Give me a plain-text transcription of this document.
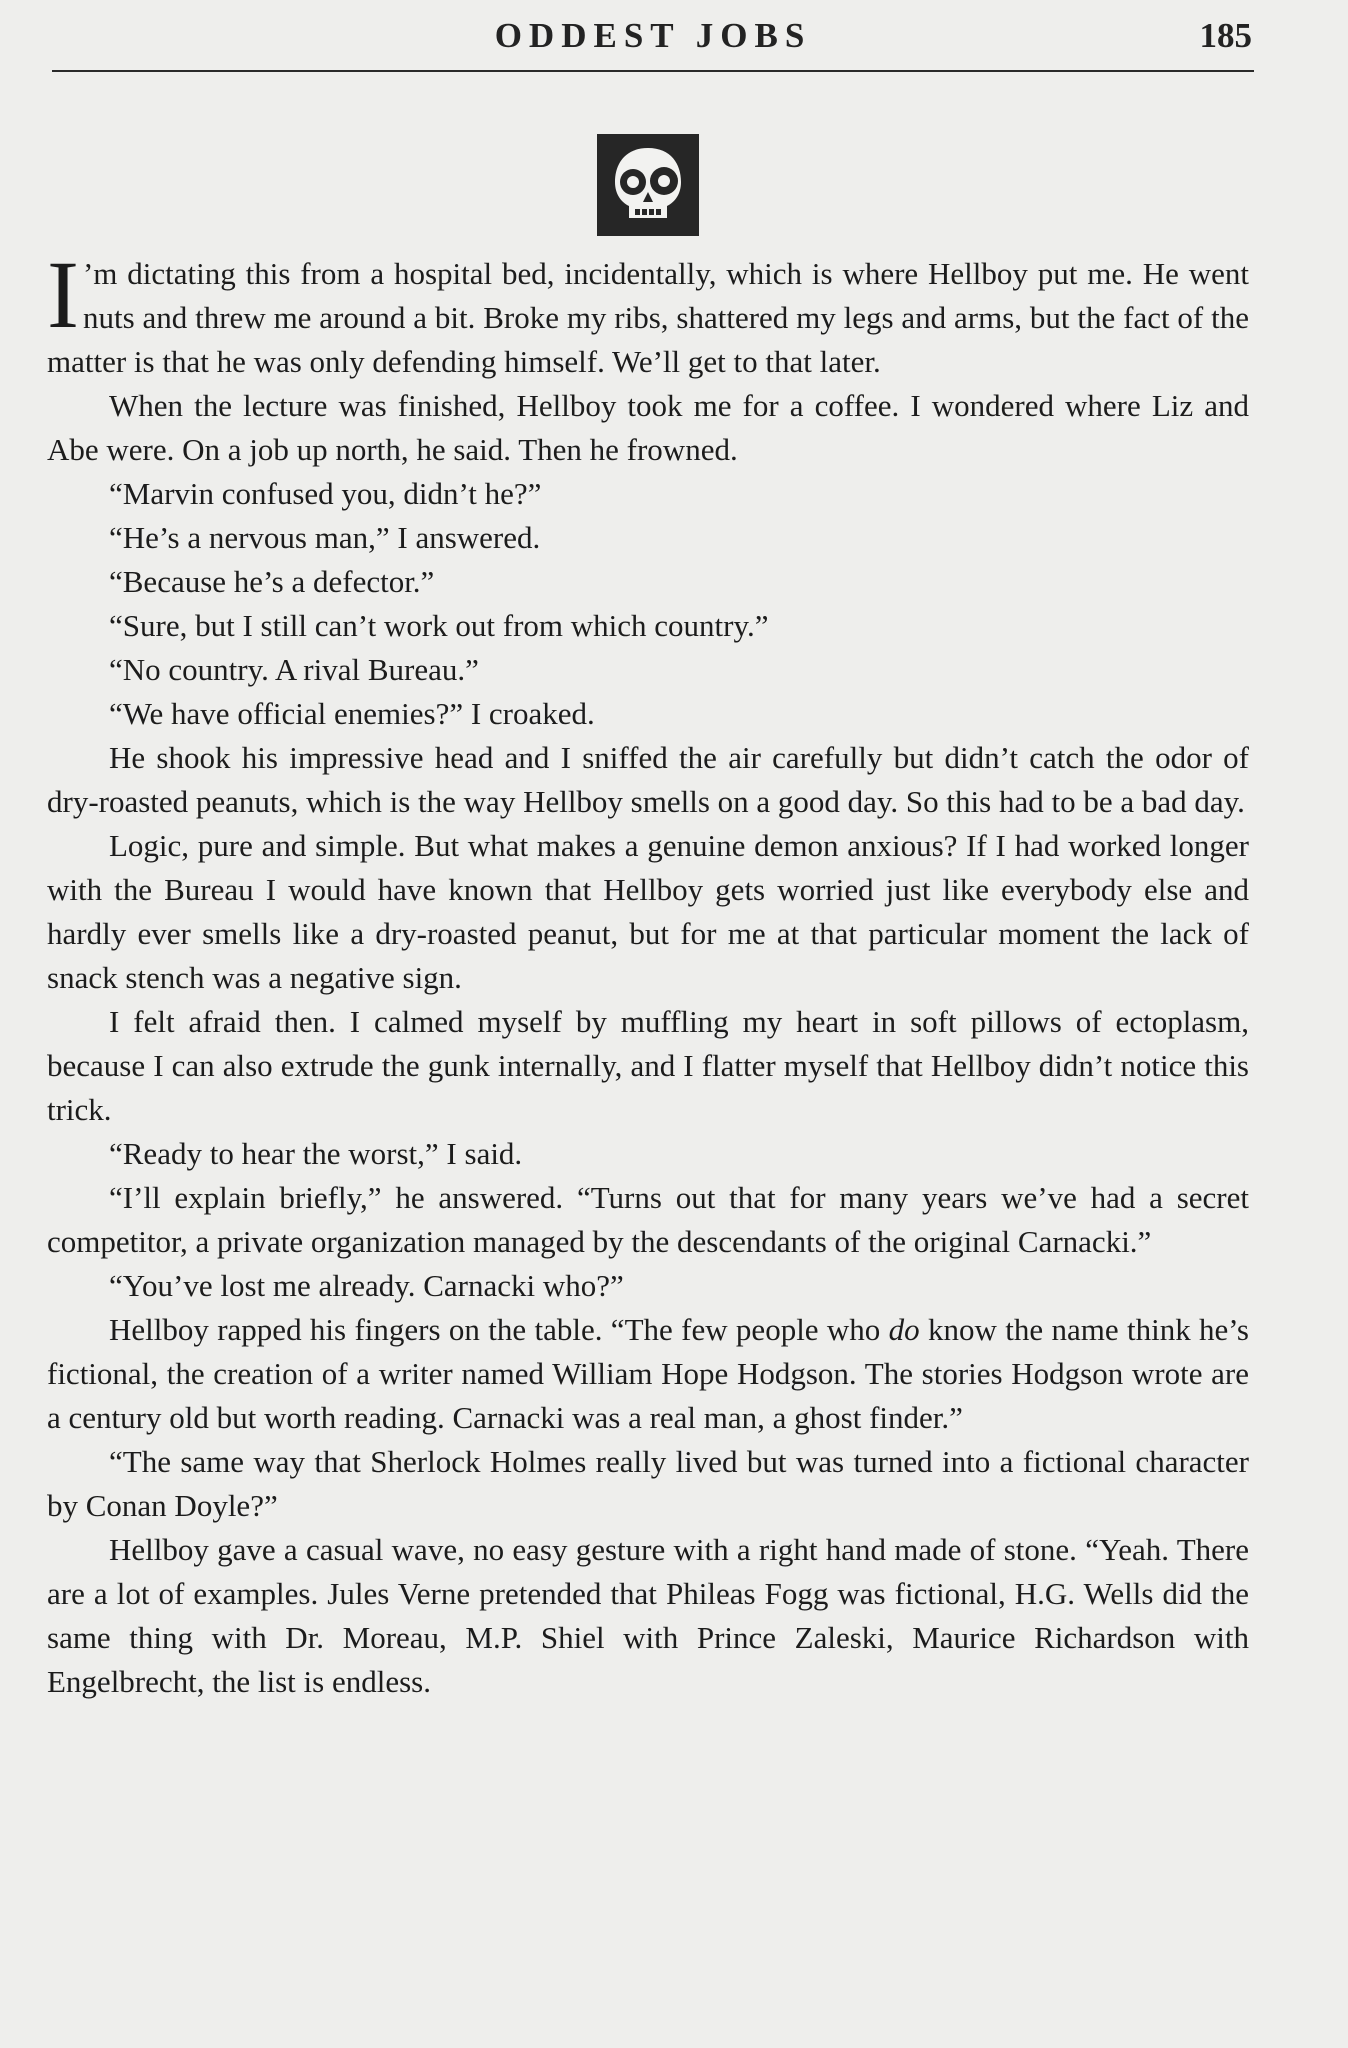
ODDEST JOBS	185

I ’m dictating this from a hospital bed, incidentally, which is where Hellboy put me. He went nuts and threw me around a bit. Broke my ribs, shattered my legs and arms, but the fact of the matter is that he was only defending himself. We’ll get to that later.

When the lecture was finished, Hellboy took me for a coffee. I wondered where Liz and Abe were. On a job up north, he said. Then he frowned.

“Marvin confused you, didn’t he?”

“He’s a nervous man,” I answered.

“Because he’s a defector.”

“Sure, but I still can’t work out from which country.”

“No country. A rival Bureau.”

“We have official enemies?” I croaked.

He shook his impressive head and I sniffed the air carefully but didn’t catch the odor of dry-roasted peanuts, which is the way Hellboy smells on a good day. So this had to be a bad day.

Logic, pure and simple. But what makes a genuine demon anxious? If I had worked longer with the Bureau I would have known that Hellboy gets worried just like everybody else and hardly ever smells like a dry-roasted peanut, but for me at that particular moment the lack of snack stench was a negative sign.

I felt afraid then. I calmed myself by muffling my heart in soft pillows of ectoplasm, because I can also extrude the gunk internally, and I flatter myself that Hellboy didn’t notice this trick.

“Ready to hear the worst,” I said.

“I’ll explain briefly,” he answered. “Turns out that for many years we’ve had a secret competitor, a private organization managed by the descendants of the original Carnacki.”

“You’ve lost me already. Carnacki who?”

Hellboy rapped his fingers on the table. “The few people who do know the name think he’s fictional, the creation of a writer named William Hope Hodgson. The stories Hodgson wrote are a century old but worth reading. Carnacki was a real man, a ghost finder.”

“The same way that Sherlock Holmes really lived but was turned into a fictional character by Conan Doyle?”

Hellboy gave a casual wave, no easy gesture with a right hand made of stone. “Yeah. There are a lot of examples. Jules Verne pretended that Phileas Fogg was fictional, H.G. Wells did the same thing with Dr. Moreau, M.P. Shiel with Prince Zaleski, Maurice Richardson with Engelbrecht, the list is endless.
